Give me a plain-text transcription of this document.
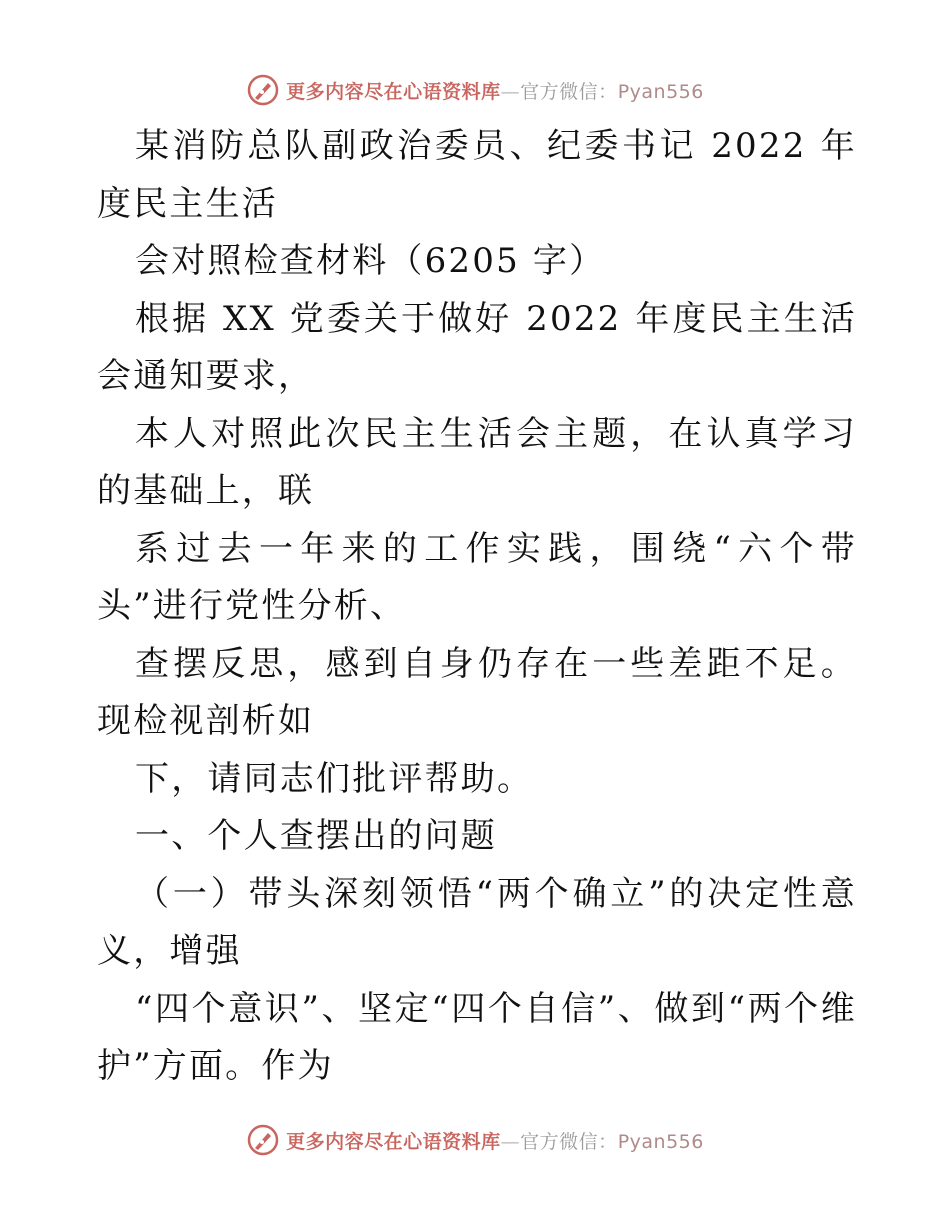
更多内容尽在心语资料库—官方微信：Pyan556

某消防总队副政治委员、纪委书记 2022 年度民主生活

会对照检查材料（6205 字）

根据 XX 党委关于做好 2022 年度民主生活会通知要求，

本人对照此次民主生活会主题，在认真学习的基础上，联

系过去一年来的工作实践，围绕“六个带头”进行党性分析、

查摆反思，感到自身仍存在一些差距不足。现检视剖析如

下，请同志们批评帮助。

一、个人查摆出的问题

（一）带头深刻领悟“两个确立”的决定性意义，增强

“四个意识”、坚定“四个自信”、做到“两个维护”方面。作为

更多内容尽在心语资料库—官方微信：Pyan556
